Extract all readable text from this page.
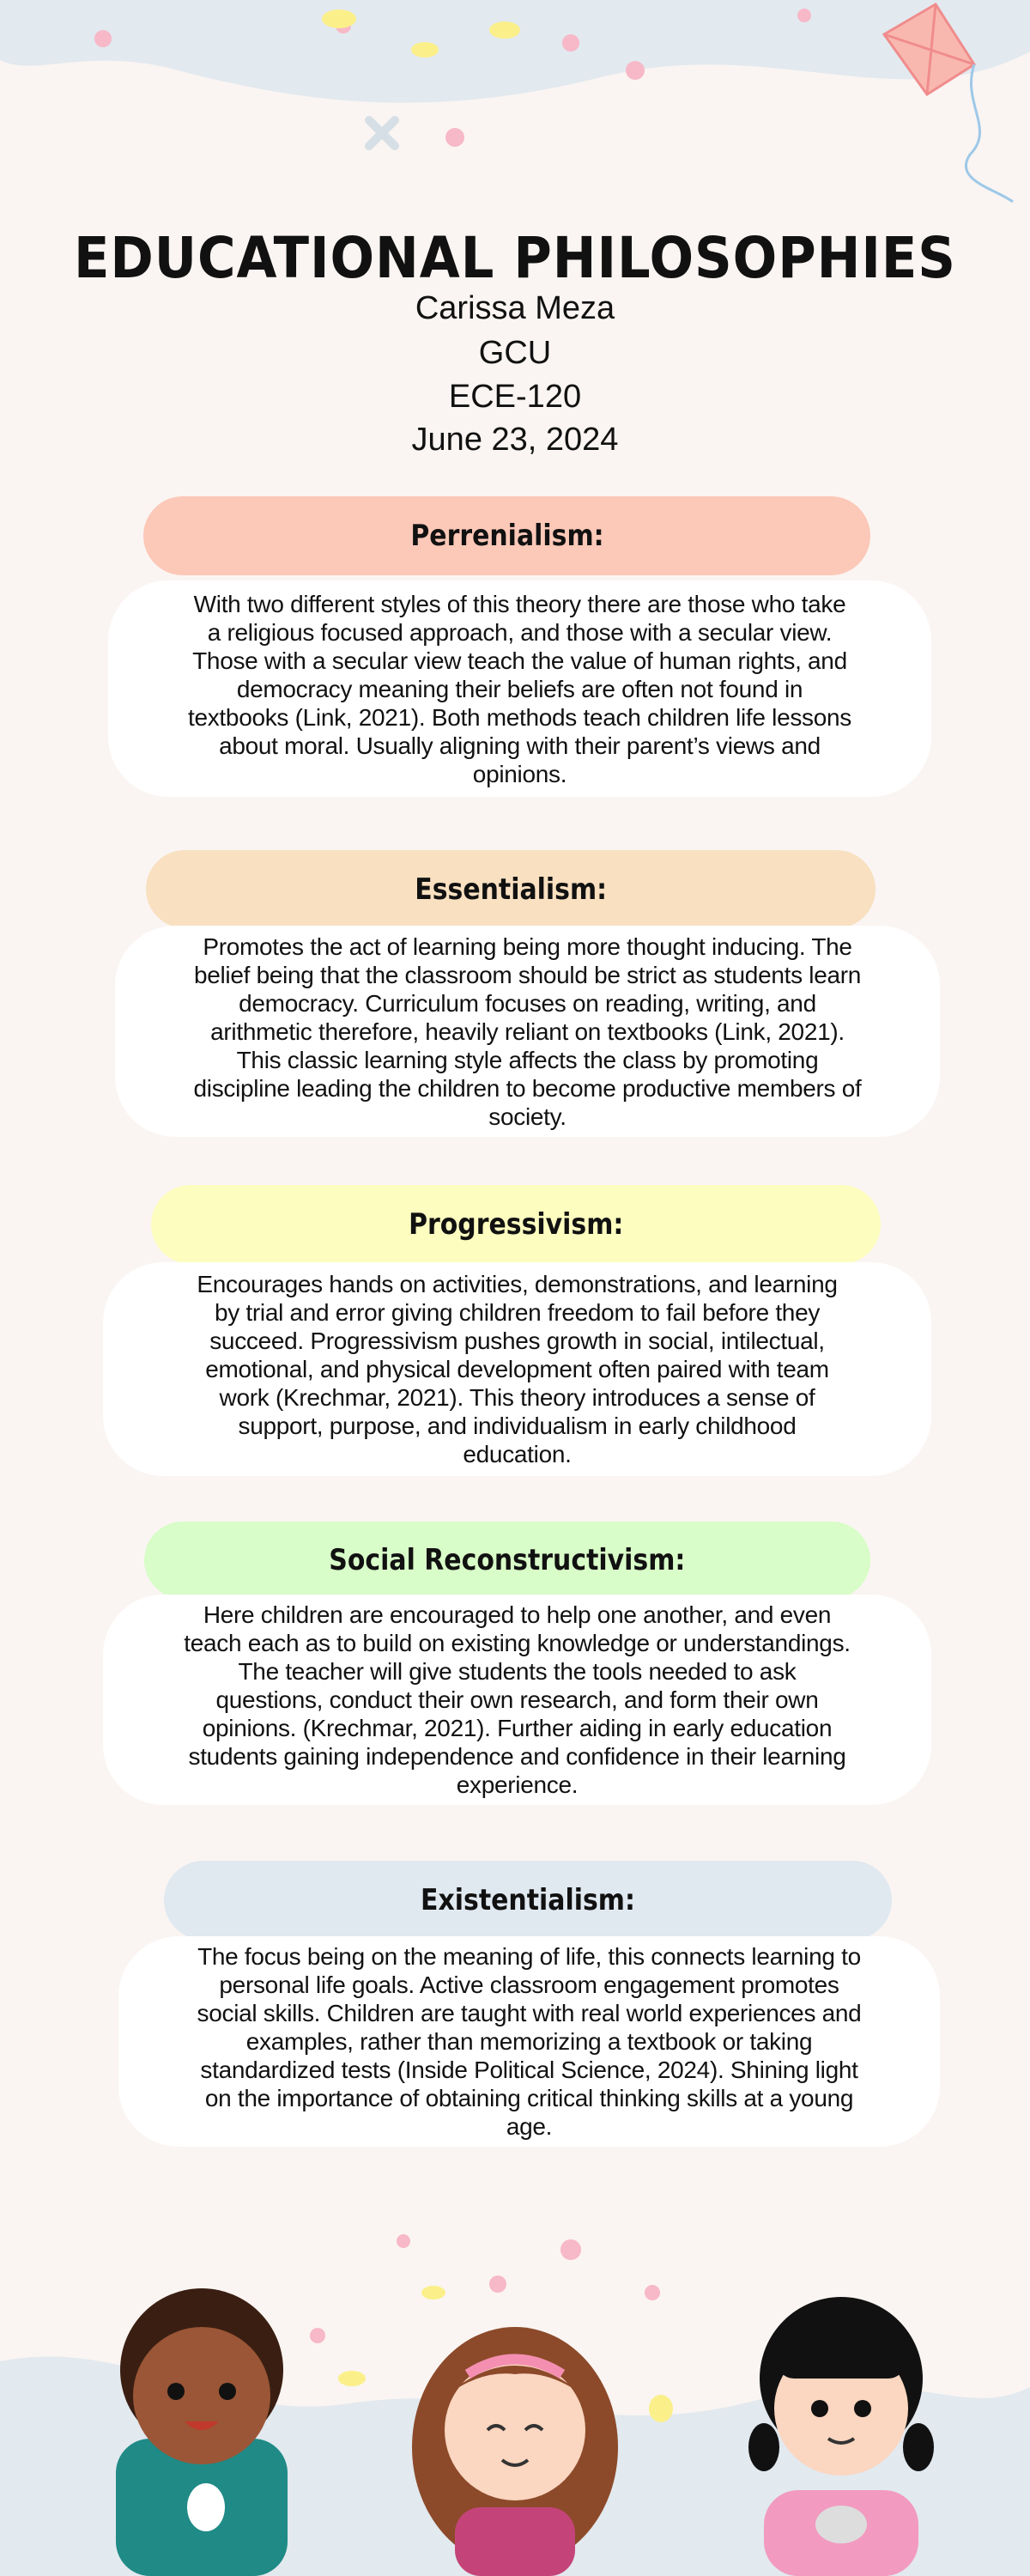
EDUCATIONAL PHILOSOPHIES
Carissa Meza
GCU
ECE-120
June 23, 2024
Perrenialism:

With two different styles of this theory there are those who take a religious focused approach, and those with a secular view. Those with a secular view teach the value of human rights, and democracy meaning their beliefs are often not found in textbooks (Link, 2021). Both methods teach children life lessons about moral. Usually aligning with their parent’s views and opinions.

Essentialism:

Promotes the act of learning being more thought inducing. The belief being that the classroom should be strict as students learn democracy. Curriculum focuses on reading, writing, and arithmetic therefore, heavily reliant on textbooks (Link, 2021). This classic learning style affects the class by promoting discipline leading the children to become productive members of society.

Progressivism:

Encourages hands on activities, demonstrations, and learning by trial and error giving children freedom to fail before they succeed. Progressivism pushes growth in social, intilectual, emotional, and physical development often paired with team work (Krechmar, 2021). This theory introduces a sense of support, purpose, and individualism in early childhood education.

Social Reconstructivism:

Here children are encouraged to help one another, and even teach each as to build on existing knowledge or understandings. The teacher will give students the tools needed to ask questions, conduct their own research, and form their own opinions. (Krechmar, 2021). Further aiding in early education students gaining independence and confidence in their learning experience.

Existentialism:

The focus being on the meaning of life, this connects learning to personal life goals. Active classroom engagement promotes social skills. Children are taught with real world experiences and examples, rather than memorizing a textbook or taking standardized tests (Inside Political Science, 2024). Shining light on the importance of obtaining critical thinking skills at a young age.
